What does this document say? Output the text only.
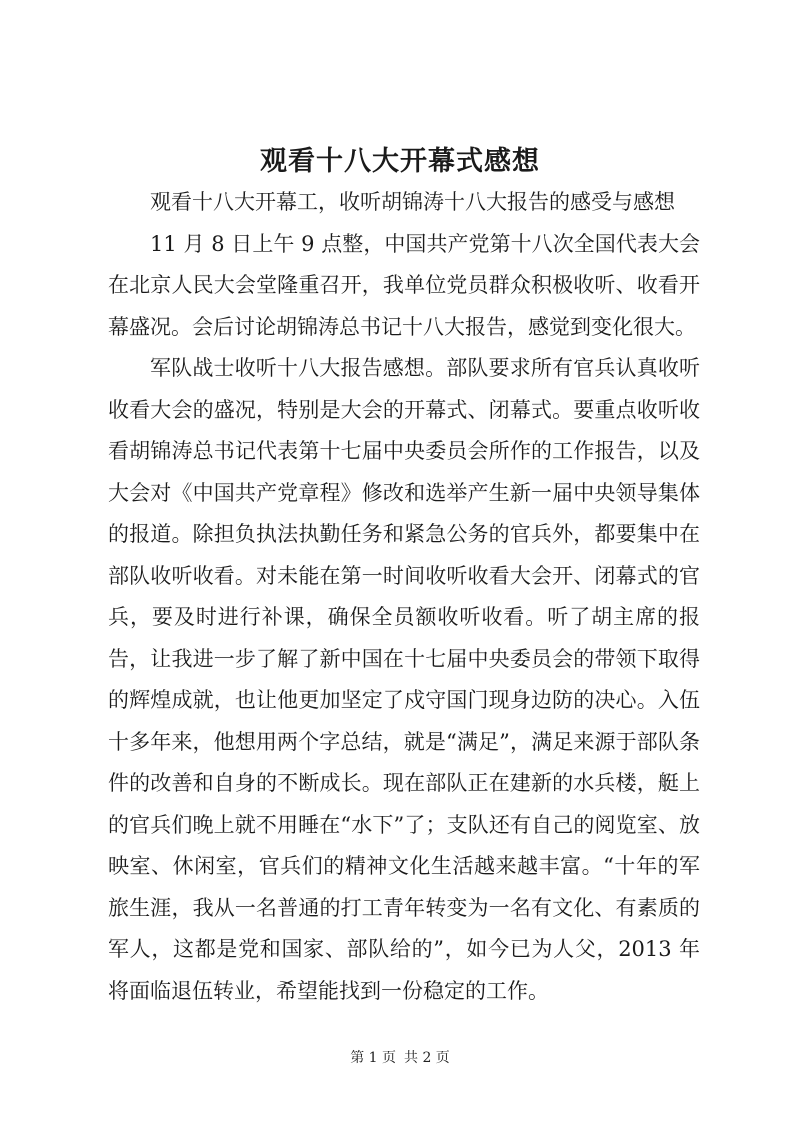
观看十八大开幕式感想

观看十八大开幕工，收听胡锦涛十八大报告的感受与感想

11 月 8 日上午 9 点整，中国共产党第十八次全国代表大会在北京人民大会堂隆重召开，我单位党员群众积极收听、收看开幕盛况。会后讨论胡锦涛总书记十八大报告，感觉到变化很大。

军队战士收听十八大报告感想。部队要求所有官兵认真收听收看大会的盛况，特别是大会的开幕式、闭幕式。要重点收听收看胡锦涛总书记代表第十七届中央委员会所作的工作报告，以及大会对《中国共产党章程》修改和选举产生新一届中央领导集体的报道。除担负执法执勤任务和紧急公务的官兵外，都要集中在部队收听收看。对未能在第一时间收听收看大会开、闭幕式的官兵，要及时进行补课，确保全员额收听收看。听了胡主席的报告，让我进一步了解了新中国在十七届中央委员会的带领下取得的辉煌成就，也让他更加坚定了戍守国门现身边防的决心。入伍十多年来，他想用两个字总结，就是“满足”，满足来源于部队条件的改善和自身的不断成长。现在部队正在建新的水兵楼，艇上的官兵们晚上就不用睡在“水下”了；支队还有自己的阅览室、放映室、休闲室，官兵们的精神文化生活越来越丰富。“十年的军旅生涯，我从一名普通的打工青年转变为一名有文化、有素质的军人，这都是党和国家、部队给的”，如今已为人父，2013 年将面临退伍转业，希望能找到一份稳定的工作。

第 1 页 共 2 页
